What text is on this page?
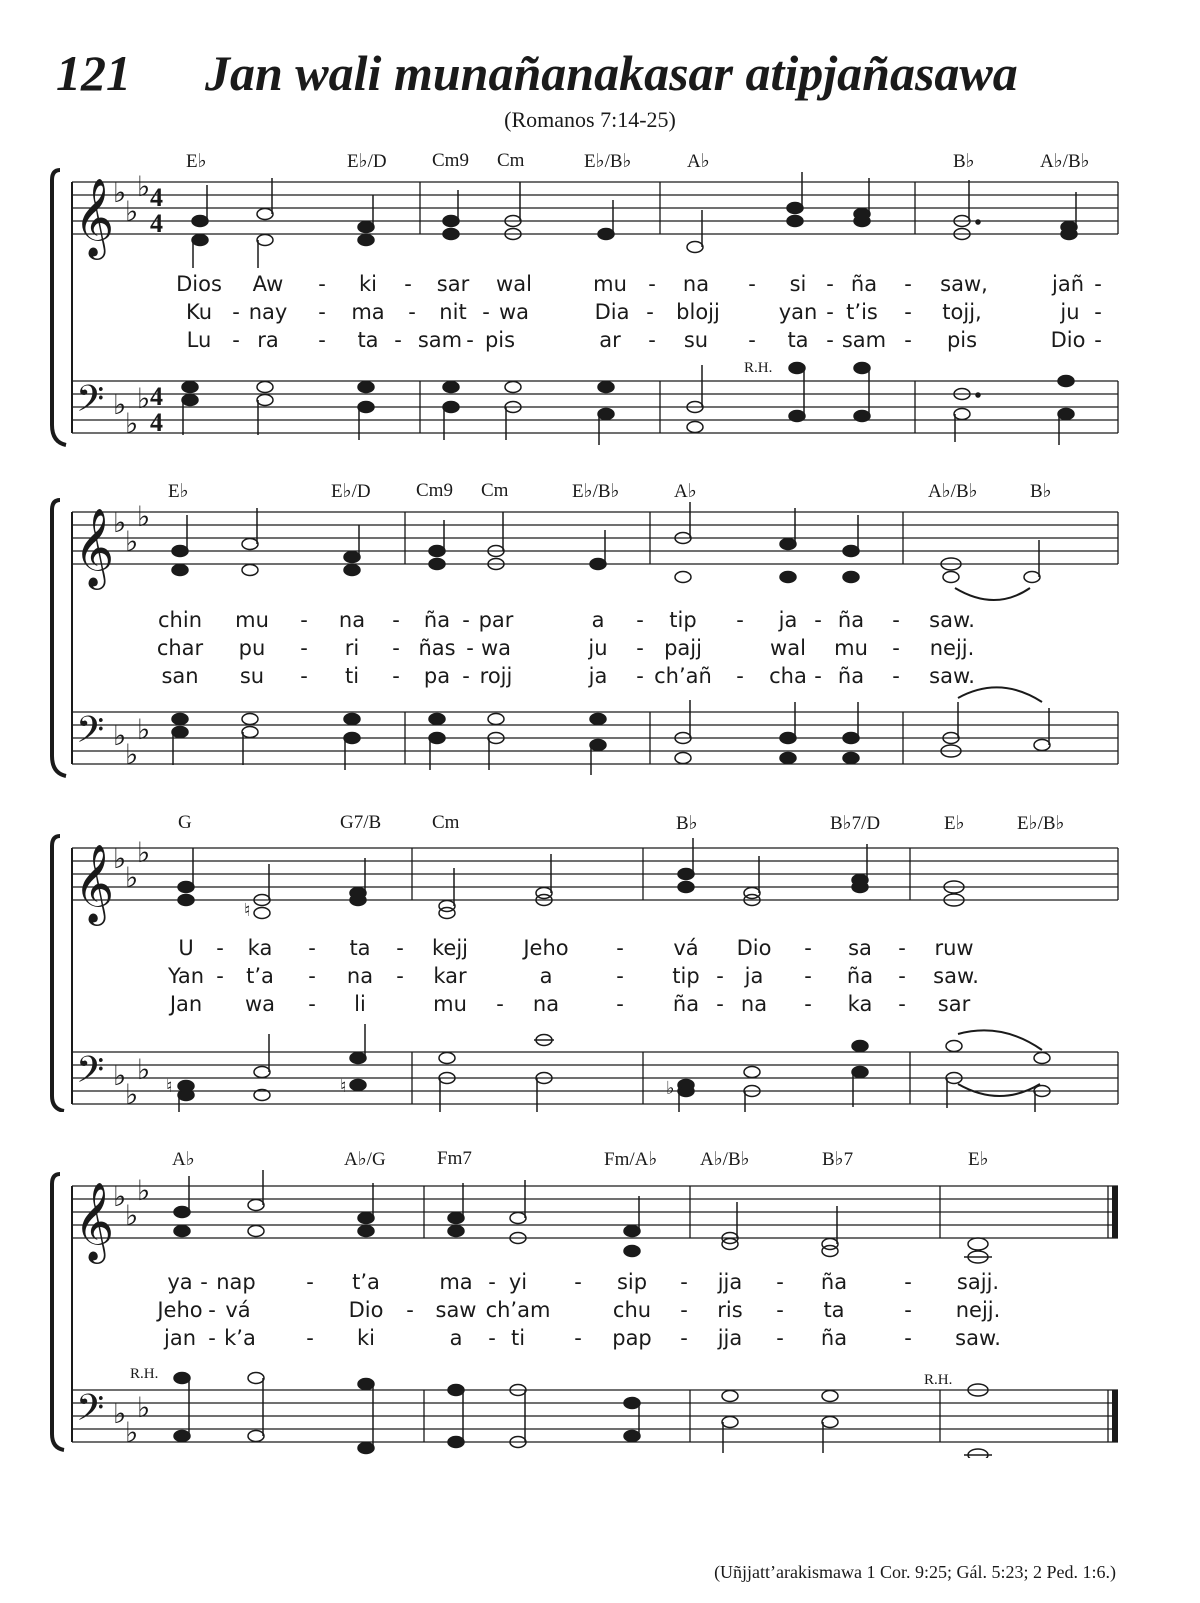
121 Jan wali munañanakasar atipjañasawa
(Romanos 7:14-25)
E♭	E♭/D Cm9 Cm	E♭/B♭	A♭	B♭	A♭/B♭
𝄞
𝄢
♭
♭
♭
♭
♭
♭
4
4
4
4
R.H.
Dios Aw - ki - sar wal	mu - na - si - ña - saw,	jañ -
Ku - nay - ma - nit - wa	Dia - blojj	yan - t’is - tojj,	ju -
Lu - ra - ta - sam - pis	ar - su - ta - sam - pis	Dio -
E♭	E♭/D Cm9 Cm	E♭/B♭	A♭	A♭/B♭	B♭
𝄞
𝄢
♭
♭
♭
♭
♭
♭
chin mu - na - ña - par	a - tip - ja - ña - saw.
char pu - ri - ñas - wa	ju - pajj	wal mu - nejj.
san su - ti - pa - rojj	ja - ch’añ - cha - ña - saw.
G	G7/B	Cm	B♭	B♭7/D	E♭	E♭/B♭
𝄞
𝄢
♭
♭
♭
♭
♭
♭
♮
♮	♮	♭
U - ka - ta - kejj	Jeho - vá Dio - sa - ruw
Yan - t’a - na - kar	a	- tip - ja - ña - saw.
Jan wa - li	mu - na	- ña - na - ka - sar
A♭	A♭/G	Fm7	Fm/A♭ A♭/B♭	B♭7	E♭
𝄞
𝄢
♭
♭
♭
♭
♭
♭
R.H.	R.H.
ya - nap - t’a	ma - yi - sip - jja - ña	- sajj.
Jeho - vá	Dio - saw ch’am	chu - ris - ta	- nejj.
jan - k’a - ki	a - ti - pap - jja - ña	- saw.
(Uñjjatt’arakismawa 1 Cor. 9:25; Gál. 5:23; 2 Ped. 1:6.)
